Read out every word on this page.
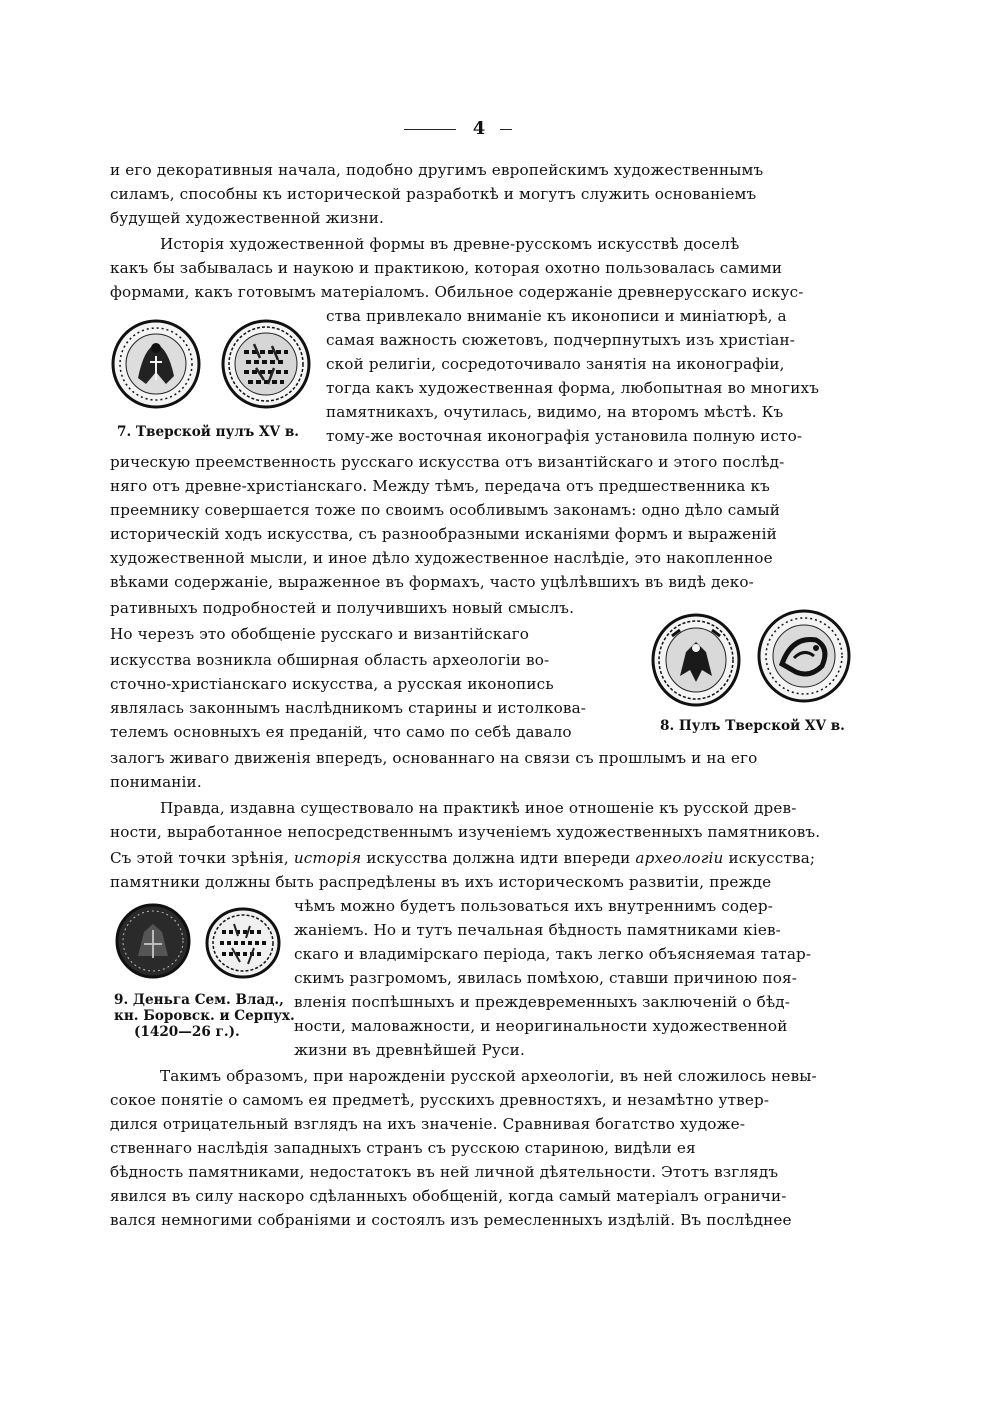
4
и его декоративныя начала, подобно другимъ европейскимъ художественнымъ
силамъ, способны къ исторической разработкѣ и могутъ служить основаніемъ
будущей художественной жизни.
Исторія художественной формы въ древне-русскомъ искусствѣ доселѣ
какъ бы забывалась и наукою и практикою, которая охотно пользовалась самими
формами, какъ готовымъ матеріаломъ. Обильное содержаніе древнерусскаго искус-
ства привлекало вниманіе къ иконописи и миніатюрѣ, а
самая важность сюжетовъ, подчерпнутыхъ изъ христіан-
ской религіи, сосредоточивало занятія на иконографіи,
тогда какъ художественная форма, любопытная во многихъ
памятникахъ, очутилась, видимо, на второмъ мѣстѣ. Къ
тому-же восточная иконографія установила полную исто-
рическую преемственность русскаго искусства отъ византійскаго и этого послѣд-
няго отъ древне-христіанскаго. Между тѣмъ, передача отъ предшественника къ
преемнику совершается тоже по своимъ особливымъ законамъ: одно дѣло самый
историческій ходъ искусства, съ разнообразными исканіями формъ и выраженій
художественной мысли, и иное дѣло художественное наслѣдіе, это накопленное
вѣками содержаніе, выраженное въ формахъ, часто уцѣлѣвшихъ въ видѣ деко-
ративныхъ подробностей и получившихъ новый смыслъ.
Но черезъ это обобщеніе русскаго и византійскаго
искусства возникла обширная область археологіи во-
сточно-христіанскаго искусства, а русская иконопись
являлась законнымъ наслѣдникомъ старины и истолкова-
телемъ основныхъ ея преданій, что само по себѣ давало
залогъ живаго движенія впередъ, основаннаго на связи съ прошлымъ и на его
пониманіи.
Правда, издавна существовало на практикѣ иное отношеніе къ русской древ-
ности, выработанное непосредственнымъ изученіемъ художественныхъ памятниковъ.
Съ этой точки зрѣнія, исторія искусства должна идти впереди археологіи искусства;
памятники должны быть распредѣлены въ ихъ историческомъ развитіи, прежде
чѣмъ можно будетъ пользоваться ихъ внутреннимъ содер-
жаніемъ. Но и тутъ печальная бѣдность памятниками кіев-
скаго и владимірскаго періода, такъ легко объясняемая татар-
скимъ разгромомъ, явилась помѣхою, ставши причиною поя-
вленія поспѣшныхъ и преждевременныхъ заключеній о бѣд-
ности, маловажности, и неоригинальности художественной
жизни въ древнѣйшей Руси.
Такимъ образомъ, при нарожденіи русской археологіи, въ ней сложилось невы-
сокое понятіе о самомъ ея предметѣ, русскихъ древностяхъ, и незамѣтно утвер-
дился отрицательный взглядъ на ихъ значеніе. Сравнивая богатство художе-
ственнаго наслѣдія западныхъ странъ съ русскою стариною, видѣли ея
бѣдность памятниками, недостатокъ въ ней личной дѣятельности. Этотъ взглядъ
явился въ силу наскоро сдѣланныхъ обобщеній, когда самый матеріалъ ограничи-
вался немногими собраніями и состоялъ изъ ремесленныхъ издѣлій. Въ послѣднее
7. Тверской пулъ XV в.
8. Пулъ Тверской XV в.
9. Деньга Сем. Влад.,
кн. Боровск. и Серпух.
(1420—26 г.).
